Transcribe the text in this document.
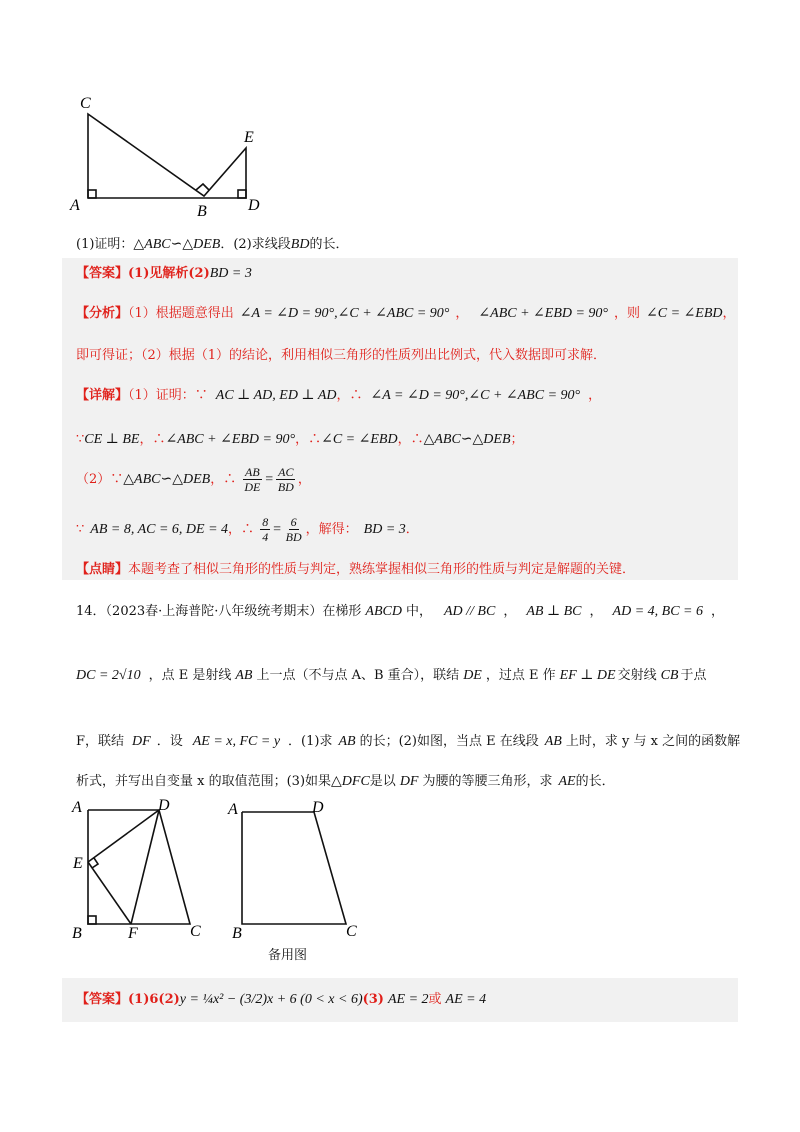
C
E
A	B	D
(1)证明：△ABC∽△DEB．(2)求线段BD的长．
【答案】(1)见解析(2)BD = 3
【分析】（1）根据题意得出 ∠A = ∠D = 90°,∠C + ∠ABC = 90° ， ∠ABC + ∠EBD = 90° ，则 ∠C = ∠EBD，
即可得证；（2）根据（1）的结论，利用相似三角形的性质列出比例式，代入数据即可求解．
【详解】（1）证明：∵ AC ⊥ AD, ED ⊥ AD，∴ ∠A = ∠D = 90°,∠C + ∠ABC = 90° ，
∵CE ⊥ BE，∴∠ABC + ∠EBD = 90°，∴∠C = ∠EBD，∴△ABC∽△DEB；
（2）∵△ABC∽△DEB，∴ $\frac{AB}{DE} = \frac{AC}{BD}$ ，
∵ AB = 8, AC = 6, DE = 4，∴ $\frac{8}{4} = \frac{6}{BD}$ ，解得： BD = 3．
【点睛】本题考查了相似三角形的性质与判定，熟练掌握相似三角形的性质与判定是解题的关键．
14．（2023春·上海普陀·八年级统考期末）在梯形 ABCD 中， AD // BC ， AB ⊥ BC ， AD = 4, BC = 6 ，
DC = 2√10 ，点 E 是射线 AB 上一点（不与点 A、B 重合），联结 DE ，过点 E 作 EF ⊥ DE 交射线 CB 于点
F，联结 DF ．设 AE = x, FC = y ．(1)求 AB 的长；(2)如图，当点 E 在线段 AB 上时，求 y 与 x 之间的函数解
析式，并写出自变量 x 的取值范围；(3)如果△DFC是以 DF 为腰的等腰三角形，求 AE的长．
A	D
E
B	F	C
A	D
B	C
备用图
【答案】(1)6(2)y = ¼x² − (3/2)x + 6 (0 < x < 6)(3) AE = 2或 AE = 4
